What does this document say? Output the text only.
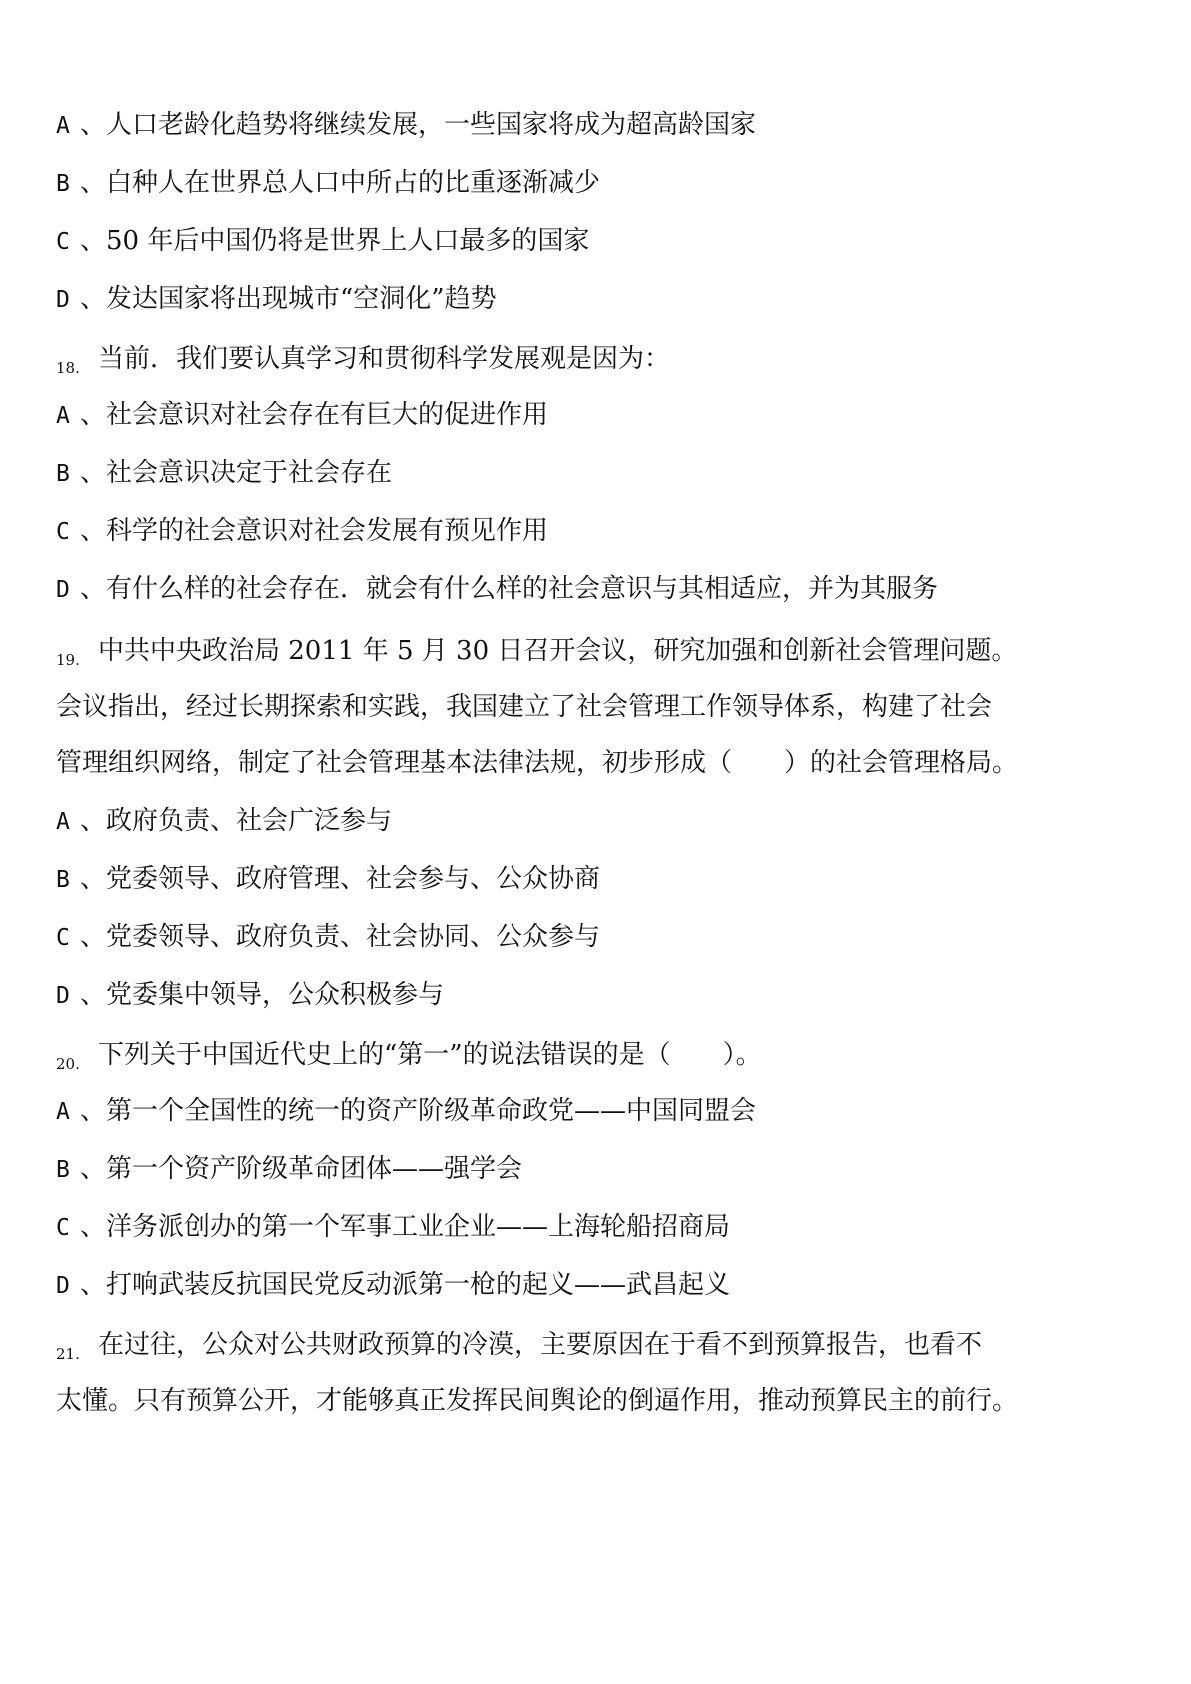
A 、人口老龄化趋势将继续发展，一些国家将成为超高龄国家
B 、白种人在世界总人口中所占的比重逐渐减少
C 、50 年后中国仍将是世界上人口最多的国家
D 、发达国家将出现城市“空洞化”趋势
18. 当前．我们要认真学习和贯彻科学发展观是因为：
A 、社会意识对社会存在有巨大的促进作用
B 、社会意识决定于社会存在
C 、科学的社会意识对社会发展有预见作用
D 、有什么样的社会存在．就会有什么样的社会意识与其相适应，并为其服务
19. 中共中央政治局 2011 年 5 月 30 日召开会议，研究加强和创新社会管理问题。
会议指出，经过长期探索和实践，我国建立了社会管理工作领导体系，构建了社会
管理组织网络，制定了社会管理基本法律法规，初步形成（　　）的社会管理格局。
A 、政府负责、社会广泛参与
B 、党委领导、政府管理、社会参与、公众协商
C 、党委领导、政府负责、社会协同、公众参与
D 、党委集中领导，公众积极参与
20. 下列关于中国近代史上的“第一”的说法错误的是（　　）。
A 、第一个全国性的统一的资产阶级革命政党——中国同盟会
B 、第一个资产阶级革命团体——强学会
C 、洋务派创办的第一个军事工业企业——上海轮船招商局
D 、打响武装反抗国民党反动派第一枪的起义——武昌起义
21. 在过往，公众对公共财政预算的冷漠，主要原因在于看不到预算报告，也看不
太懂。只有预算公开，才能够真正发挥民间舆论的倒逼作用，推动预算民主的前行。
